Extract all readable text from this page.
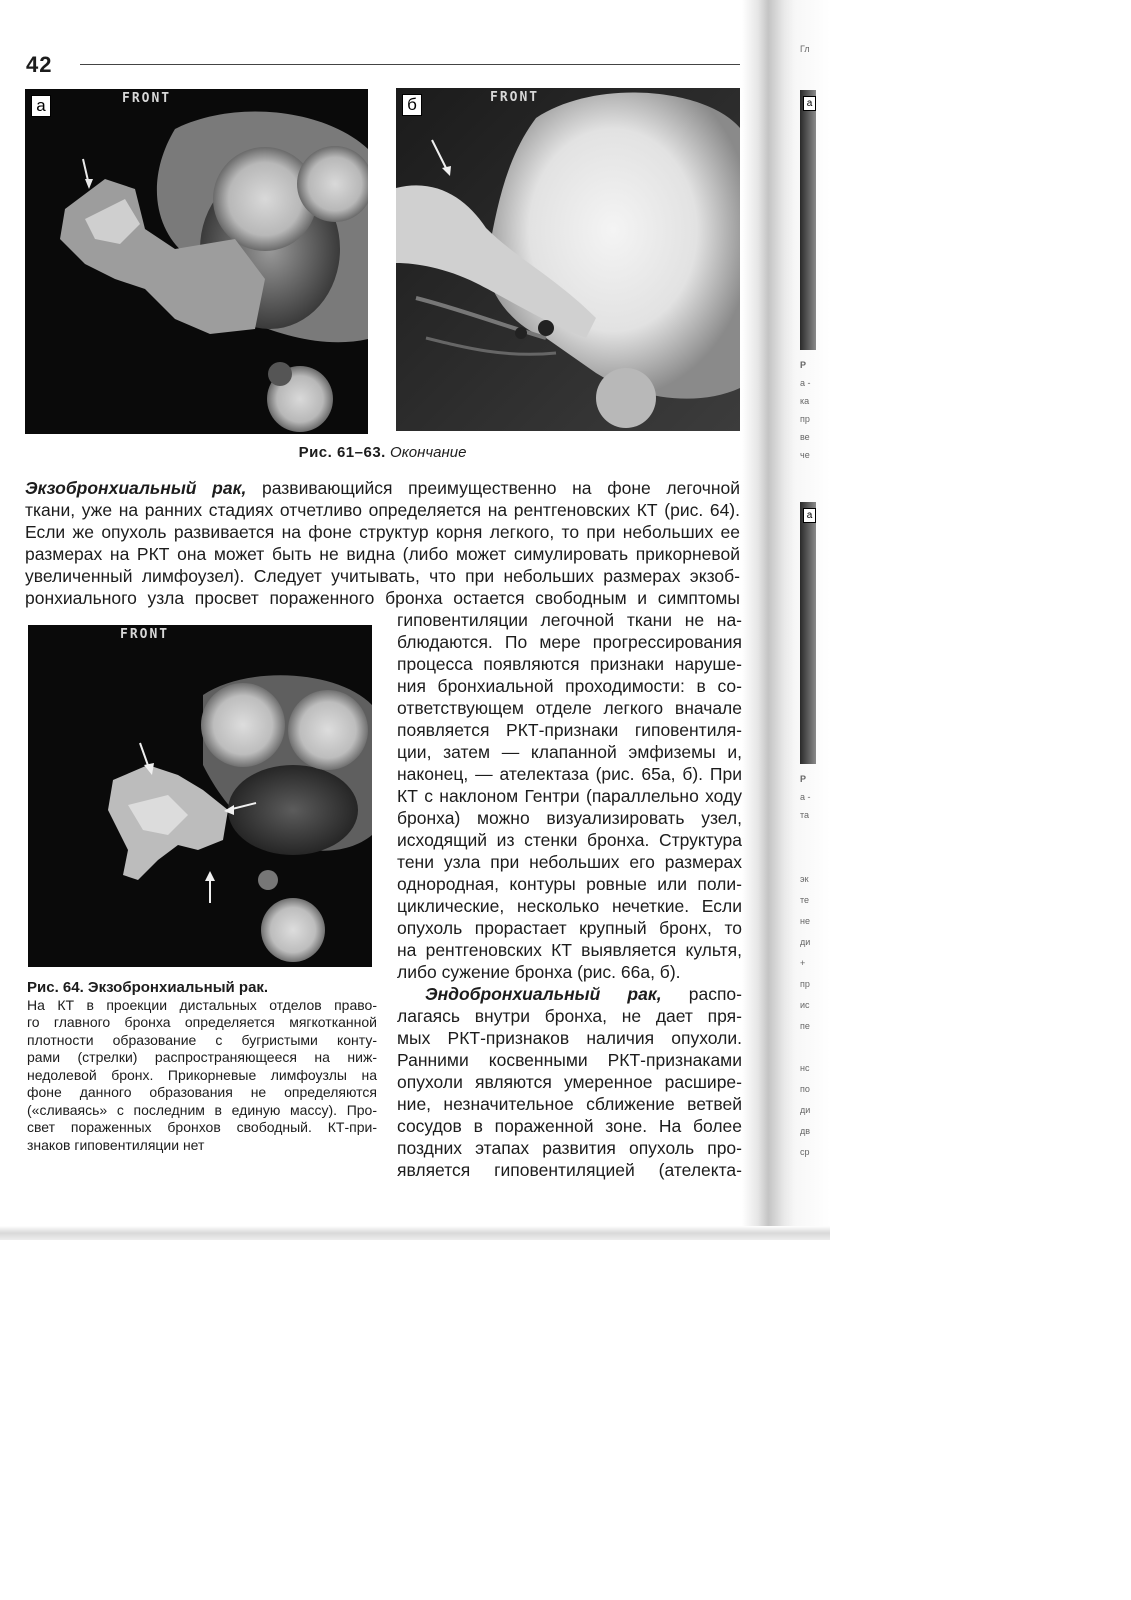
42
FRONT
а	FRONT
б
Рис. 61–63. Окончание
Экзобронхиальный рак, развивающийся преимущественно на фоне легочной
ткани, уже на ранних стадиях отчетливо определяется на рентгеновских КТ (рис. 64).
Если же опухоль развивается на фоне структур корня легкого, то при небольших ее
размерах на РКТ она может быть не видна (либо может симулировать прикорневой
увеличенный лимфоузел). Следует учитывать, что при небольших размерах экзоб-
ронхиального узла просвет пораженного бронха остается свободным и симптомы
FRONT
гиповентиляции легочной ткани не на-
блюдаются. По мере прогрессирования
процесса появляются признаки наруше-
ния бронхиальной проходимости: в со-
ответствующем отделе легкого вначале
появляется РКТ-признаки гиповентиля-
ции, затем — клапанной эмфиземы и,
наконец, — ателектаза (рис. 65а, б). При
КТ с наклоном Гентри (параллельно ходу
бронха) можно визуализировать узел,
исходящий из стенки бронха. Структура
тени узла при небольших его размерах
однородная, контуры ровные или поли-
циклические, несколько нечеткие. Если
опухоль прорастает крупный бронх, то
на рентгеновских КТ выявляется культя,
либо сужение бронха (рис. 66а, б).
Эндобронхиальный рак, распо-
лагаясь внутри бронха, не дает пря-
мых РКТ-признаков наличия опухоли.
Ранними косвенными РКТ-признаками
опухоли являются умеренное расшире-
ние, незначительное сближение ветвей
сосудов в пораженной зоне. На более
поздних этапах развития опухоль про-
является гиповентиляцией (ателекта-
Рис. 64. Экзобронхиальный рак.
На КТ в проекции дистальных отделов право-
го главного бронха определяется мягкотканной
плотности образование с бугристыми конту-
рами (стрелки) распространяющееся на ниж-
недолевой бронх. Прикорневые лимфоузлы на
фоне данного образования не определяются
(«сливаясь» с последним в единую массу). Про-
свет пораженных бронхов свободный. КТ-при-
знаков гиповентиляции нет
Гл
а
Р
а -
ка
пр
ве
че
а
Р
а -
та
эк
те
не
ди
+
пр
ис
пе
нс
по
ди
дв
ср
